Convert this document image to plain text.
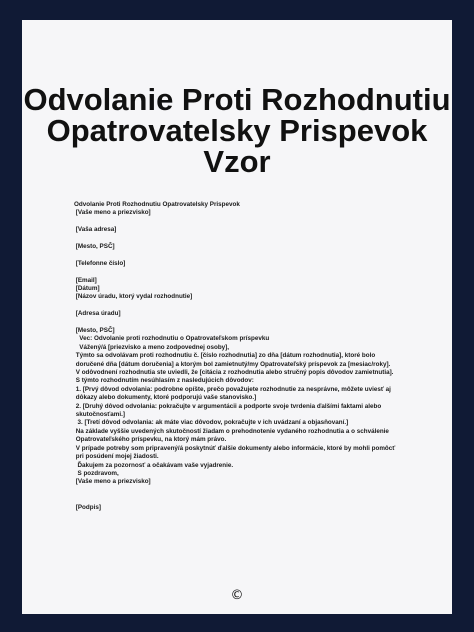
Odvolanie Proti Rozhodnutiu
Opatrovatelsky Prispevok
Vzor
Odvolanie Proti Rozhodnutiu Opatrovatelsky Prispevok
[Vaše meno a priezvisko]
[Vaša adresa]
[Mesto, PSČ]
[Telefonne číslo]
[Email]
[Dátum]
[Názov úradu, ktorý vydal rozhodnutie]
[Adresa úradu]
[Mesto, PSČ]
Vec: Odvolanie proti rozhodnutiu o Opatrovateľskom príspevku
Vážený/á [priezvisko a meno zodpovednej osoby],
Týmto sa odvolávam proti rozhodnutiu č. [číslo rozhodnutia] zo dňa [dátum rozhodnutia], ktoré bolo
doručené dňa [dátum doručenia] a ktorým bol zamietnutý/my Opatrovateľský príspevok za [mesiac/roky].
V odôvodnení rozhodnutia ste uviedli, že [citácia z rozhodnutia alebo stručný popis dôvodov zamietnutia].
S týmto rozhodnutím nesúhlasím z nasledujúcich dôvodov:
1. [Prvý dôvod odvolania: podrobne opíšte, prečo považujete rozhodnutie za nesprávne, môžete uviesť aj
dôkazy alebo dokumenty, ktoré podporujú vaše stanovisko.]
2. [Druhý dôvod odvolania: pokračujte v argumentácii a podporte svoje tvrdenia ďalšími faktami alebo
skutočnosťami.]
3. [Tretí dôvod odvolania: ak máte viac dôvodov, pokračujte v ich uvádzaní a objasňovaní.]
Na základe vyššie uvedených skutočností žiadam o prehodnotenie vydaného rozhodnutia a o schválenie
Opatrovateľského príspevku, na ktorý mám právo.
V prípade potreby som pripravený/á poskytnúť ďalšie dokumenty alebo informácie, ktoré by mohli pomôcť
pri posúdení mojej žiadosti.
Ďakujem za pozornosť a očakávam vaše vyjadrenie.
S pozdravom,
[Vaše meno a priezvisko]
[Podpis]
©
